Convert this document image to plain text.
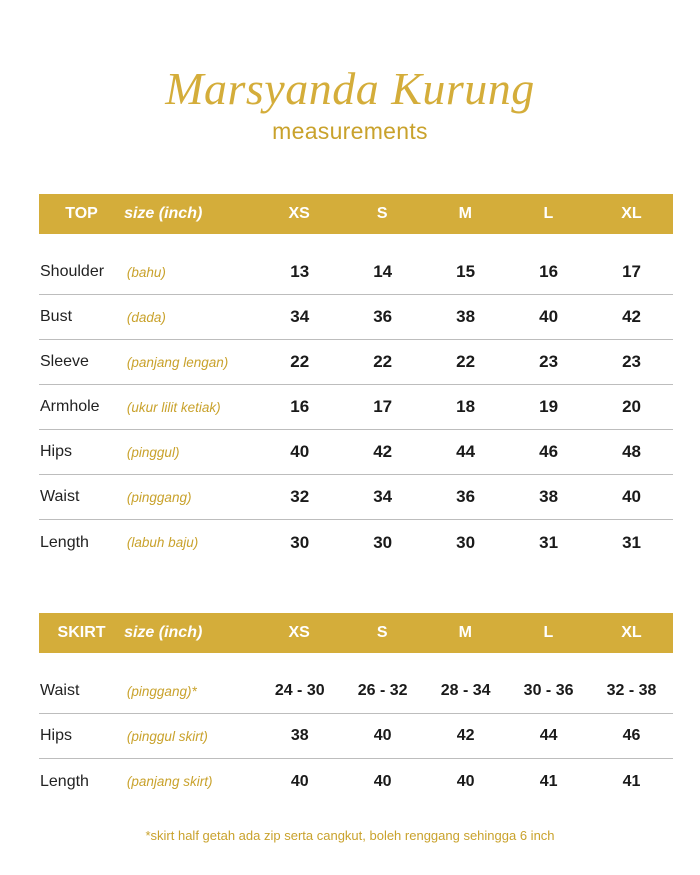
Marsyanda Kurung
measurements
TOP	size (inch)	XS	S	M	L	XL
Shoulder	(bahu)	13	14	15	16	17
Bust	(dada)	34	36	38	40	42
Sleeve	(panjang lengan)	22	22	22	23	23
Armhole	(ukur lilit ketiak)	16	17	18	19	20
Hips	(pinggul)	40	42	44	46	48
Waist	(pinggang)	32	34	36	38	40
Length	(labuh baju)	30	30	30	31	31
SKIRT	size (inch)	XS	S	M	L	XL
Waist	(pinggang)*	24 - 30	26 - 32	28 - 34	30 - 36	32 - 38
Hips	(pinggul skirt)	38	40	42	44	46
Length	(panjang skirt)	40	40	40	41	41
*skirt half getah ada zip serta cangkut, boleh renggang sehingga 6 inch
